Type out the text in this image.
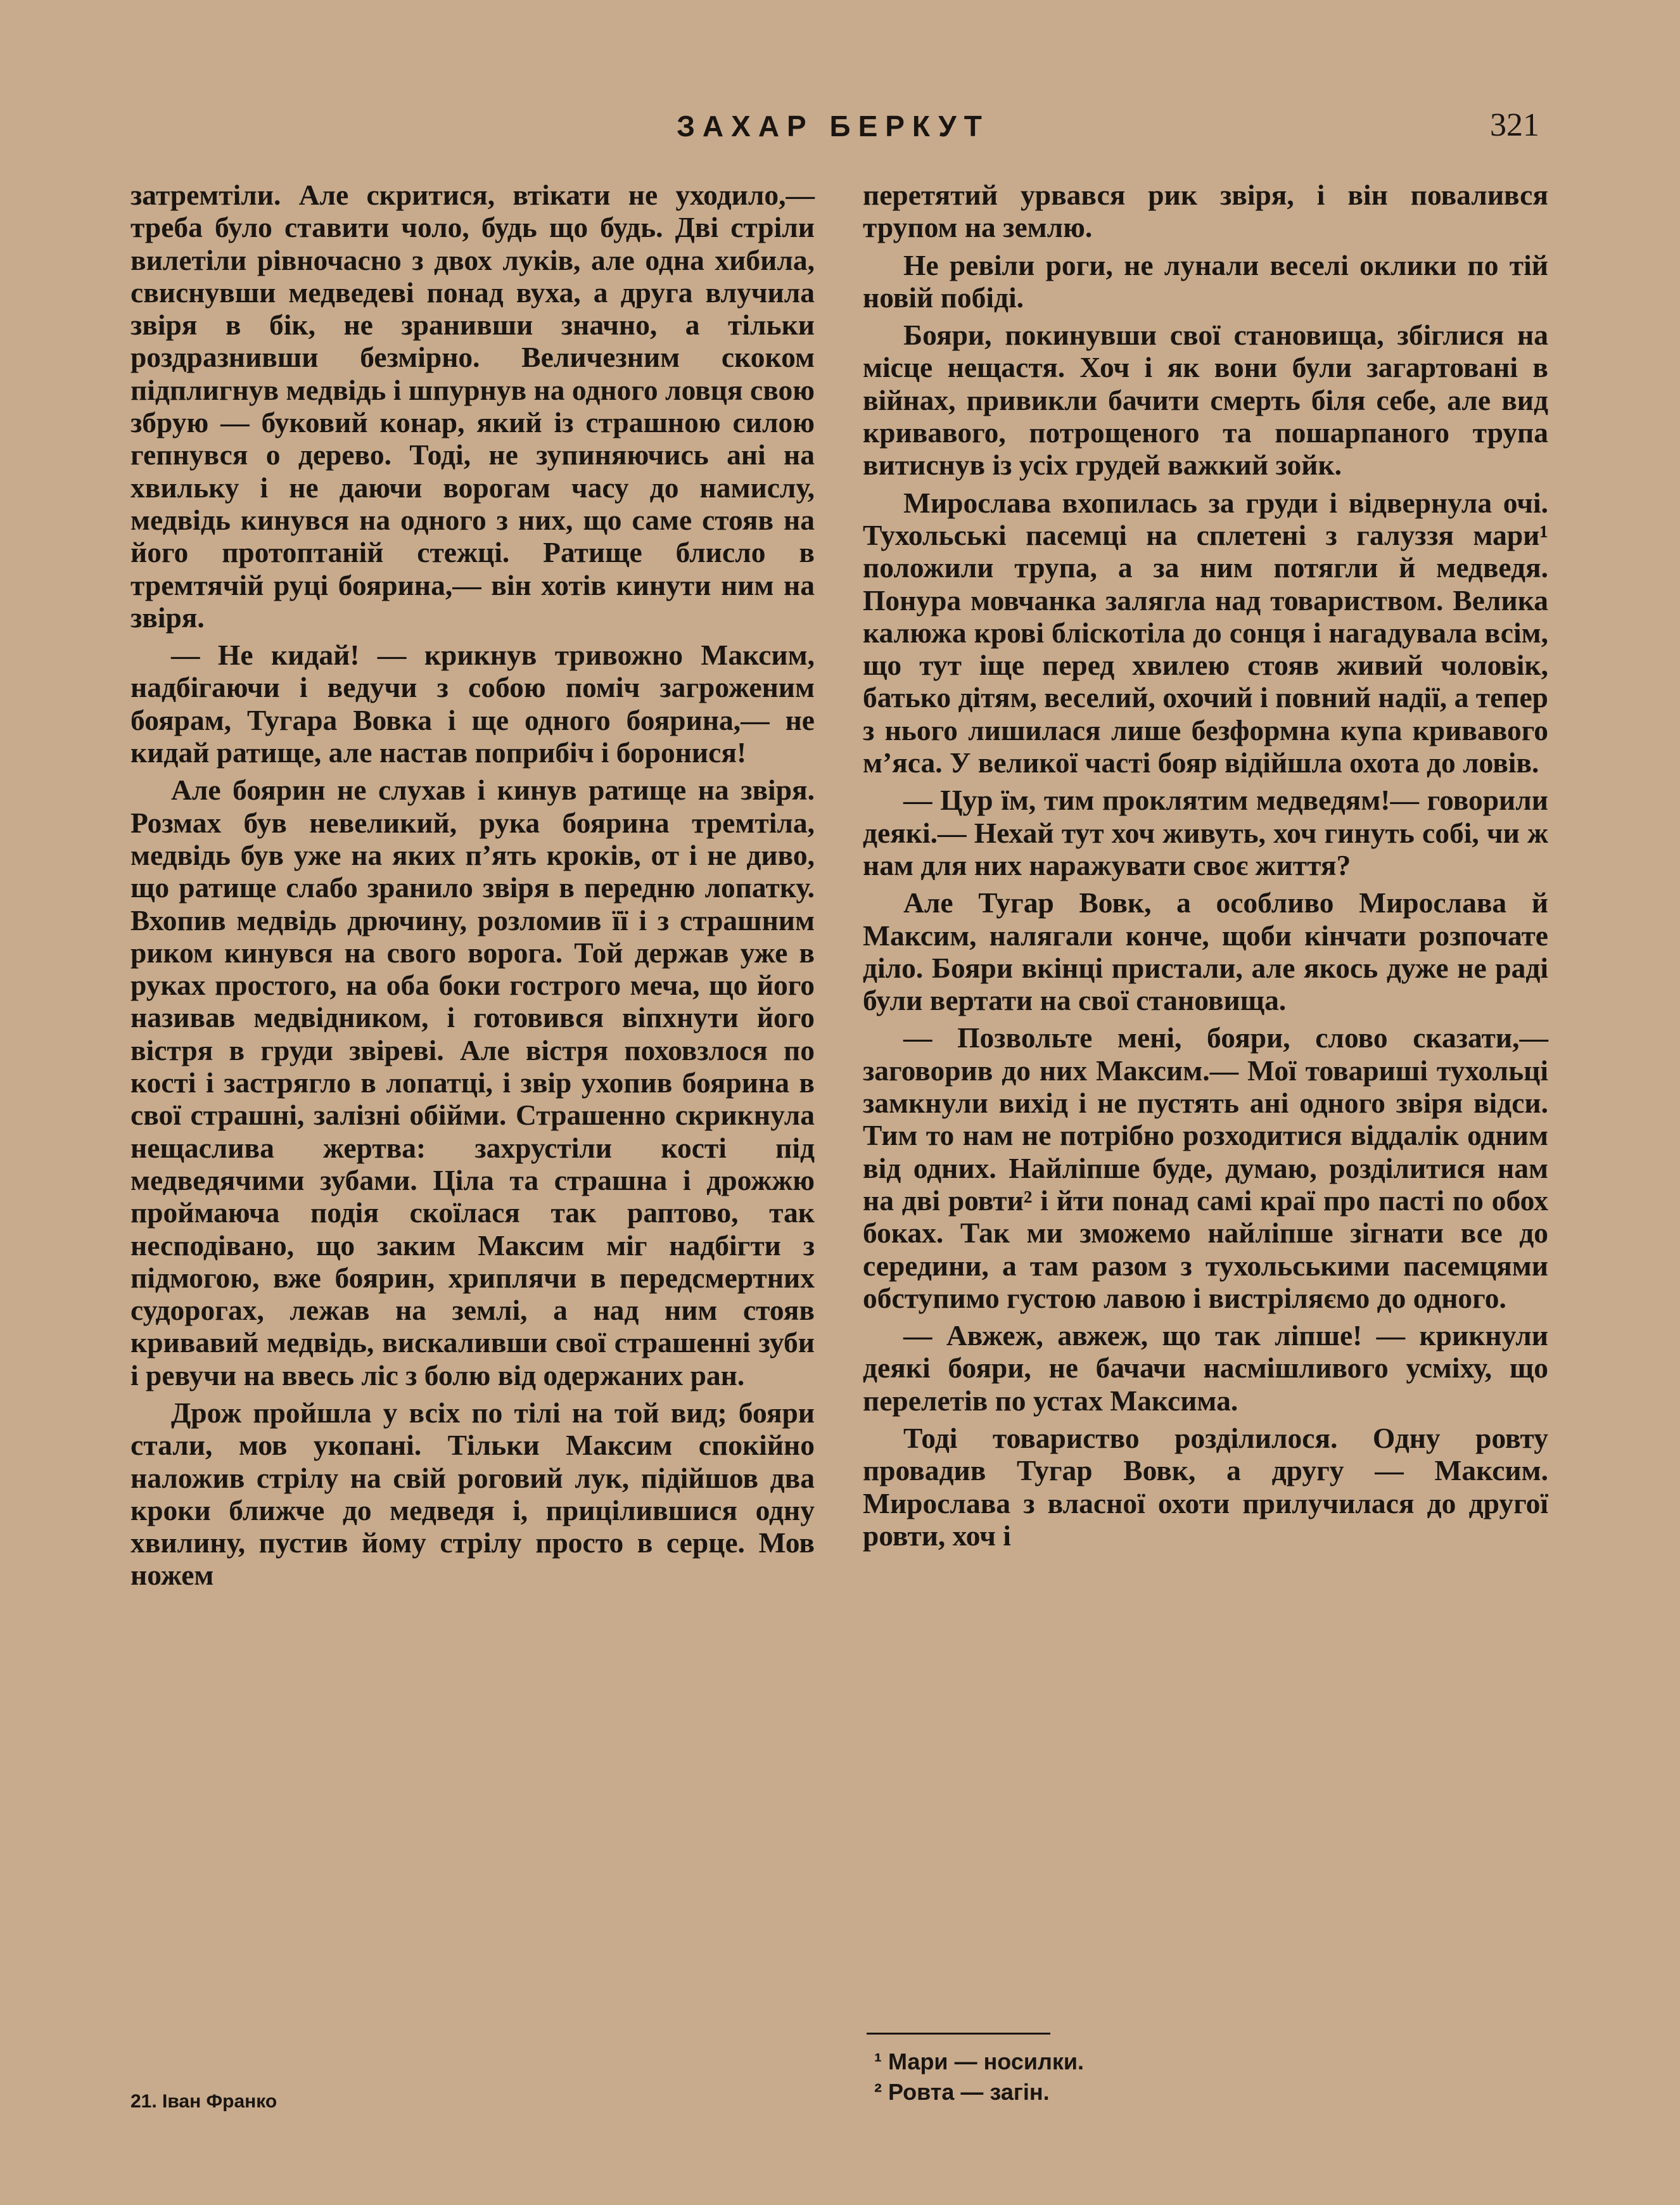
ЗАХАР БЕРКУТ	321

затремтіли. Але скритися, втікати не уходило,— треба було ставити чоло, будь що будь. Дві стріли вилетіли рівночасно з двох луків, але одна хибила, свиснувши медведеві понад вуха, а друга влучила звіря в бік, не зранивши значно, а тільки роздразнивши безмірно. Величезним скоком підплигнув медвідь і шпурнув на одного ловця свою збрую — буковий конар, який із страшною силою гепнувся о дерево. Тоді, не зупиняючись ані на хвильку і не даючи ворогам часу до намислу, медвідь кинувся на одного з них, що саме стояв на його протоптаній стежці. Ратище блисло в тремтячій руці боярина,— він хотів кинути ним на звіря.

— Не кидай! — крикнув тривожно Максим, надбігаючи і ведучи з собою поміч загроженим боярам, Тугара Вовка і ще одного боярина,— не кидай ратище, але настав поприбіч і боронися!

Але боярин не слухав і кинув ратище на звіря. Розмах був невеликий, рука боярина тремтіла, медвідь був уже на яких п’ять кроків, от і не диво, що ратище слабо зранило звіря в передню лопатку. Вхопив медвідь дрючину, розломив її і з страшним риком кинувся на свого ворога. Той держав уже в руках простого, на оба боки гострого меча, що його називав медвідником, і готовився віпхнути його вістря в груди звіреві. Але вістря поховзлося по кості і застрягло в лопатці, і звір ухопив боярина в свої страшні, залізні обійми. Страшенно скрикнула нещаслива жертва: захрустіли кості під медведячими зубами. Ціла та страшна і дрожжю проймаюча подія скоїлася так раптово, так несподівано, що заким Максим міг надбігти з підмогою, вже боярин, хриплячи в передсмертних судорогах, лежав на землі, а над ним стояв кривавий медвідь, вискаливши свої страшенні зуби і ревучи на ввесь ліс з болю від одержаних ран.

Дрож пройшла у всіх по тілі на той вид; бояри стали, мов укопані. Тільки Максим спокійно наложив стрілу на свій роговий лук, підійшов два кроки ближче до медведя і, прицілившися одну хвилину, пустив йому стрілу просто в серце. Мов ножем

перетятий урвався рик звіря, і він повалився трупом на землю.

Не ревіли роги, не лунали веселі оклики по тій новій побіді.

Бояри, покинувши свої становища, збіглися на місце нещастя. Хоч і як вони були загартовані в війнах, привикли бачити смерть біля себе, але вид кривавого, потрощеного та пошарпаного трупа витиснув із усіх грудей важкий зойк.

Мирослава вхопилась за груди і відвернула очі. Тухольські пасемці на сплетені з галуззя мари¹ положили трупа, а за ним потягли й медведя. Понура мовчанка залягла над товариством. Велика калюжа крові бліскотіла до сонця і нагадувала всім, що тут іще перед хвилею стояв живий чоловік, батько дітям, веселий, охочий і повний надії, а тепер з нього лишилася лише безформна купа кривавого м’яса. У великої часті бояр відійшла охота до ловів.

— Цур їм, тим проклятим медведям!— говорили деякі.— Нехай тут хоч живуть, хоч гинуть собі, чи ж нам для них наражувати своє життя?

Але Тугар Вовк, а особливо Мирослава й Максим, налягали конче, щоби кінчати розпочате діло. Бояри вкінці пристали, але якось дуже не раді були вертати на свої становища.

— Позвольте мені, бояри, слово сказати,— заговорив до них Максим.— Мої товариші тухольці замкнули вихід і не пустять ані одного звіря відси. Тим то нам не потрібно розходитися віддалік одним від одних. Найліпше буде, думаю, розділитися нам на дві ровти² і йти понад самі краї про пасті по обох боках. Так ми зможемо найліпше зігнати все до середини, а там разом з тухольськими пасемцями обступимо густою лавою і вистріляємо до одного.

— Авжеж, авжеж, що так ліпше! — крикнули деякі бояри, не бачачи насмішливого усміху, що перелетів по устах Максима.

Тоді товариство розділилося. Одну ровту провадив Тугар Вовк, а другу — Максим. Мирослава з власної охоти прилучилася до другої ровти, хоч і

¹ Мари — носилки.
² Ровта — загін.
21. Іван Франко
